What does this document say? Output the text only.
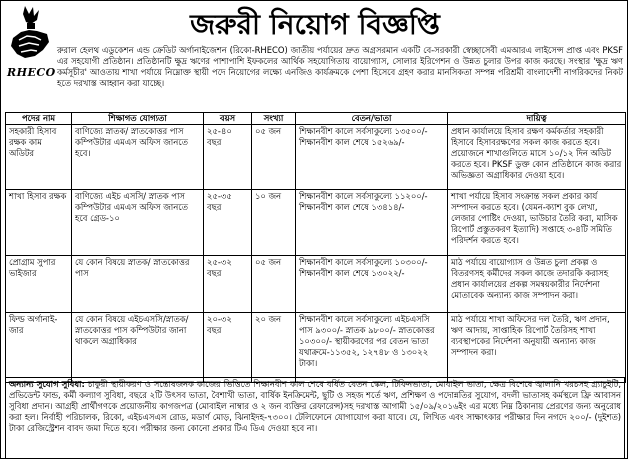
RHECO
জরুরী নিয়োগ বিজ্ঞপ্তি
রুরাল হেলথ এডুকেশন এন্ড ক্রেডিট অর্গানাইজেশন (রিকো-RHECO) জাতীয় পর্যায়ের দ্রুত অগ্রসরমান একটি বে-সরকারী স্বেচ্ছাসেবী এমআরএ লাইসেন্স প্রাপ্ত এবং PKSF এর সহযোগী প্রতিষ্ঠান। প্রতিষ্ঠানটি ক্ষুদ্র ঋণের পাশাপাশি ইফকলের আর্থিক সহযোগিতায় বায়োগ্যাস, সোলার ইরিগেশন ও উন্নত চুলার উপর কাজ করছে। সংস্থার 'ক্ষুদ্র ঋণ কর্মসূচীর' আওতায় শাখা পর্যায়ে নিম্নোক্ত স্থায়ী পদে নিয়োগের লক্ষ্যে এনজিও কার্যক্রমকে পেশা হিসেবে গ্রহণ করার মানসিকতা সম্পন্ন পরিশ্রমী বাংলাদেশী নাগরিকদের নিকট হতে দরখাস্ত আহ্বান করা যাচ্ছে।
পদের নাম	শিক্ষাগত যোগ্যতা	বয়স	সংখ্যা	বেতন/ভাতা	দায়িত্ব
সহকারী হিসাব রক্ষক কাম অডিটর	বাণিজ্যে স্নাতক/ স্নাতকোত্তর পাস কম্পিউটার এমএস অফিস জানতে হবে।	২৫-৪০ বছর	০৫ জন	শিক্ষানবীশ কালে সর্বসাকুল্যে ১৩৫০০/- শিক্ষানবীশ কাল শেষে ১৫২৬৯/-	প্রধান কার্যালয়ে হিসাব রক্ষণ কর্মকর্তার সহকারী হিসাবে হিসাবরক্ষণের সকল কাজ করতে হবে। প্রয়োজনে শাখাগুলিতে মাসে ১০/১২ দিন অডিট করতে হবে। PKSF ডুক্ত কোন প্রতিষ্ঠানে কাজ করার অভিজ্ঞতা অগ্রাধিকার দেওয়া হবে।
শাখা হিসাব রক্ষক	বাণিজ্যে এইচ এসসি/ স্নাতক পাস কম্পিউটার এমএস অফিস জানতে হবে গ্রেড-১০	২৫-৩৫ বছর	১০ জন	শিক্ষানবীশ কালে সর্বসাকুল্যে ১১২০০/- শিক্ষানবীশ কাল শেষে ১৩৪১৪/-	শাখা পর্যায়ে হিসাব সংক্রান্ত সকল প্রকার কার্য সম্পাদন করতে হবে। (যেমন-ক্যাশ বুক লেখা, লেজার পোষ্টিং দেওয়া, ভাউচার তৈরি করা, মাসিক রিপোর্ট প্রস্তুতকরণ ইত্যাদি) সপ্তাহে ৩-৪টি সমিতি পরিদর্শন করতে হবে।
প্রোগ্রাম সুপার ভাইজার	যে কোন বিষয়ে স্নাতক/ স্নাতকোত্তর পাস	২৫-৩২ বছর	০৫ জন	শিক্ষানবীশ কালে সর্বসাকুল্যে ১০৩০০/- শিক্ষানবীশ কাল শেষে ১৩০২২/-	মাঠ পর্যায়ে বায়োগ্যাস ও উন্নত চুলা প্রকল্প ও বিতরণসহ কর্মীদের সকল কাজে তদারকি করাসহ প্রধান কার্যালয়ের প্রকল্প সমন্বয়কারীর নির্দেশনা মোতাবেক অন্যান্য কাজ সম্পাদন করা।
ফিল্ড অর্গানাই- জার	যে কোন বিষয়ে এইচএসসি/স্নাতক/ স্নাতকোত্তর পাস কম্পিউটার জানা থাকলে অগ্রাধিকার	২০-৩২ বছর	২০ জন	শিক্ষানবীশ কালে সর্বসাকুল্যে এইচএসসি পাস ৯৩০০/- স্নাতক ৯৮০০/- স্নাতকোত্তর ১০৩০০/- স্থায়ীকরণের পর বেতন ভাতা যথাক্রমে-১১৩৫২, ১২৭৪৮ ও ১৩০২২ টাকা।	মাঠ পর্যায়ে শাখা অফিসের দল তৈরি, ঋণ প্রদান, ঋণ আদায়, সাপ্তাহিক রিপোর্ট তৈরিসহ শাখা ব্যবস্থাপকের নির্দেশনা অনুযায়ী অন্যান্য কাজ সম্পাদন করা।
অন্যান্য সুযোগ সুবিধা: চাকুরী স্থায়ীকরণ ও সন্তোষজনক কাজের ভিত্তিতে শিক্ষানবীশ কাল শেষে বর্ধিত বেতন স্কেল, টিফিনভাতা, মোবাইল ভাতা, ক্ষেত্র বিশেষে জ্বালানি খরচসহ গ্র্যাচুইটি, প্রভিডেন্ট ফান্ড, কর্মী কল্যাণ সুবিধা, বছরে ২টি উৎসব ভাতা, বৈশাখী ভাতা, বার্ষিক ইনক্রিমেন্ট, ছুটি ও সহজ শর্তে ঋণ, প্রশিক্ষণ ও পদোন্নতির সুযোগ, বদলী ভাতাসহ কর্মস্থলে ফ্রি আবাসন সুবিধা প্রদান। আগ্রহী প্রার্থীগণকে প্রয়োজনীয় কাগজপত্র (মোবাইল নাম্বার ও ২ জন ব্যক্তির রেফারেন্স)সহ দরখাস্ত আগামী ১৫/০৯/২০১৬ইং এর মধ্যে নিম্ন ঠিকানায় প্রেরণের জন্য অনুরোধ করা হল। নির্বাহী পরিচালক, রিকো, এইচএসএস রোড, মডার্ণ মোড়, ঝিনাইদহ-৭৩০০। টেলিফোনে যোগাযোগ করা যাবে। যে, লিখিত এবং সাক্ষাৎকার পরীক্ষার দিন নগদে ২০০/- (দুইশত) টাকা রেজিস্ট্রেশন বাবদ জমা দিতে হবে। পরীক্ষার জন্য কোনো প্রকার টিএ ডিএ দেওয়া হবে না।
